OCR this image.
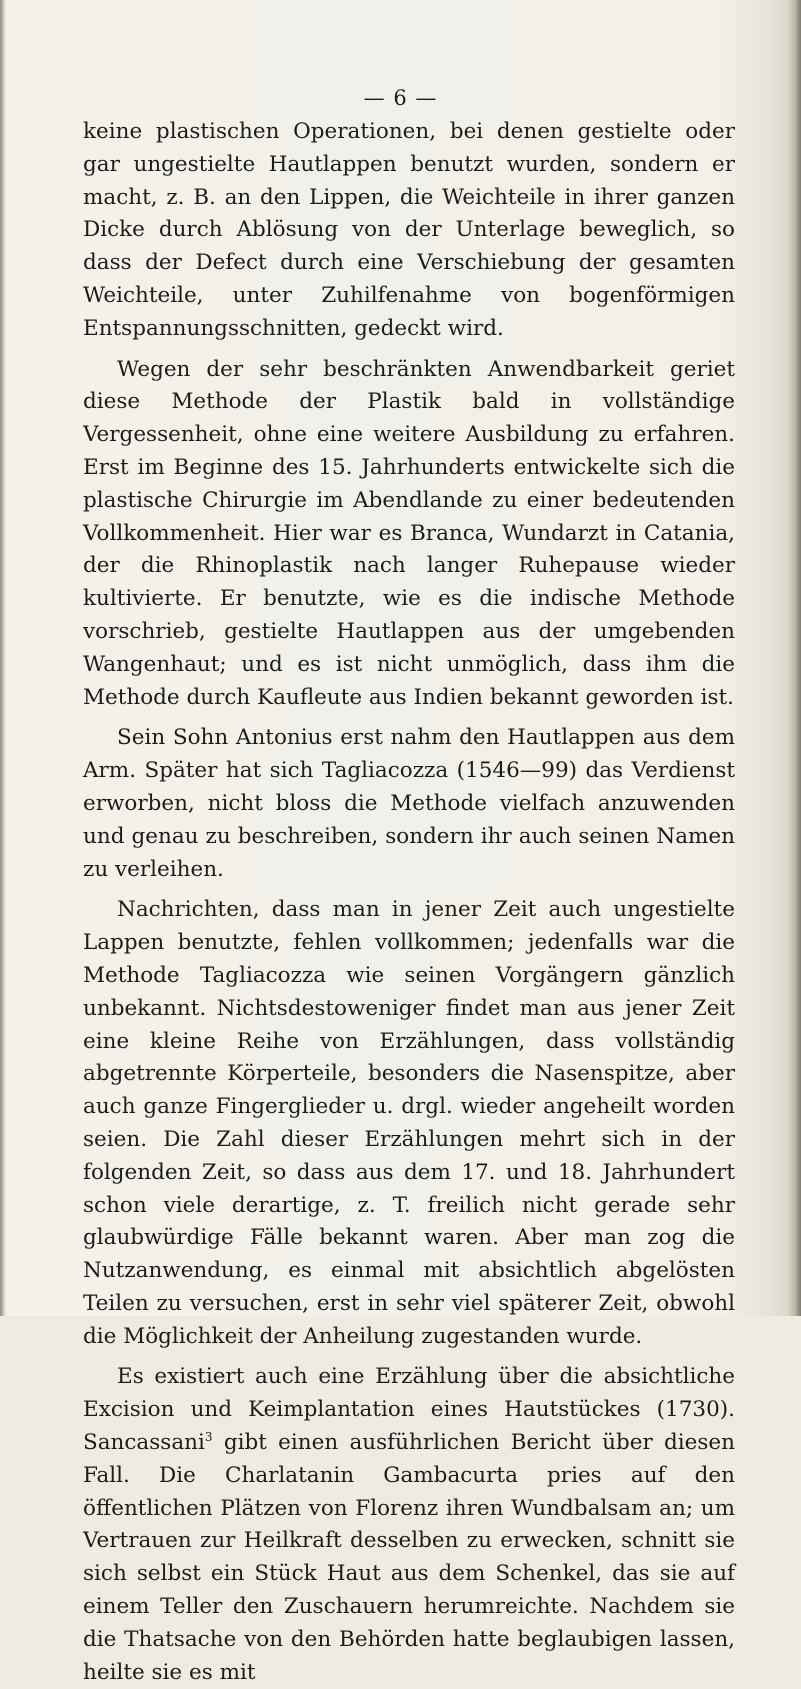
— 6 —

keine plastischen Operationen, bei denen gestielte oder gar ungestielte Hautlappen benutzt wurden, sondern er macht, z. B. an den Lippen, die Weichteile in ihrer ganzen Dicke durch Ablösung von der Unterlage beweglich, so dass der Defect durch eine Verschiebung der gesamten Weichteile, unter Zuhilfenahme von bogenförmigen Entspannungsschnitten, gedeckt wird.

Wegen der sehr beschränkten Anwendbarkeit geriet diese Methode der Plastik bald in vollständige Vergessenheit, ohne eine weitere Ausbildung zu erfahren. Erst im Beginne des 15. Jahrhunderts entwickelte sich die plastische Chirurgie im Abendlande zu einer bedeutenden Vollkommenheit. Hier war es Branca, Wundarzt in Catania, der die Rhinoplastik nach langer Ruhepause wieder kultivierte. Er benutzte, wie es die indische Methode vorschrieb, gestielte Hautlappen aus der umgebenden Wangenhaut; und es ist nicht unmöglich, dass ihm die Methode durch Kaufleute aus Indien bekannt geworden ist.

Sein Sohn Antonius erst nahm den Hautlappen aus dem Arm. Später hat sich Tagliacozza (1546—99) das Verdienst erworben, nicht bloss die Methode vielfach anzuwenden und genau zu beschreiben, sondern ihr auch seinen Namen zu verleihen.

Nachrichten, dass man in jener Zeit auch ungestielte Lappen benutzte, fehlen vollkommen; jedenfalls war die Methode Tagliacozza wie seinen Vorgängern gänzlich unbekannt. Nichtsdestoweniger findet man aus jener Zeit eine kleine Reihe von Erzählungen, dass vollständig abgetrennte Körperteile, besonders die Nasenspitze, aber auch ganze Fingerglieder u. drgl. wieder angeheilt worden seien. Die Zahl dieser Erzählungen mehrt sich in der folgenden Zeit, so dass aus dem 17. und 18. Jahrhundert schon viele derartige, z. T. freilich nicht gerade sehr glaubwürdige Fälle bekannt waren. Aber man zog die Nutzanwendung, es einmal mit absichtlich abgelösten Teilen zu versuchen, erst in sehr viel späterer Zeit, obwohl die Möglichkeit der Anheilung zugestanden wurde.

Es existiert auch eine Erzählung über die absichtliche Excision und Keimplantation eines Hautstückes (1730). Sancassani$^3$ gibt einen ausführlichen Bericht über diesen Fall. Die Charlatanin Gambacurta pries auf den öffentlichen Plätzen von Florenz ihren Wundbalsam an; um Vertrauen zur Heilkraft desselben zu erwecken, schnitt sie sich selbst ein Stück Haut aus dem Schenkel, das sie auf einem Teller den Zuschauern herumreichte. Nachdem sie die Thatsache von den Behörden hatte beglaubigen lassen, heilte sie es mit
